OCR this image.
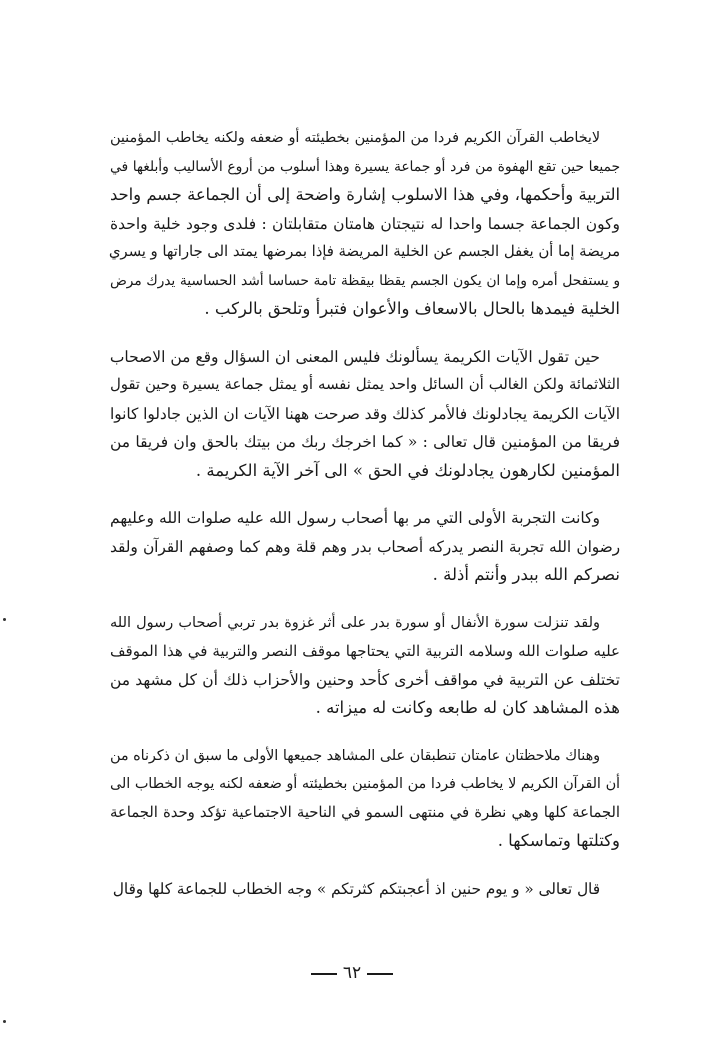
لايخاطب القرآن الكريم فردا من المؤمنين بخطيئته أو ضعفه ولكنه يخاطب المؤمنين
جميعا حين تقع الهفوة من فرد أو جماعة يسيرة وهذا أسلوب من أروع الأساليب وأبلغها في
التربية وأحكمها، وفي هذا الاسلوب إشارة واضحة إلى أن الجماعة جسم واحد
وكون الجماعة جسما واحدا له نتيجتان هامتان متقابلتان : فلدى وجود خلية واحدة
مريضة إما أن يغفل الجسم عن الخلية المريضة فإذا بمرضها يمتد الى جاراتها و يسري
و يستفحل أمره وإما ان يكون الجسم يقظا بيقظة تامة حساسا أشد الحساسية يدرك مرض
الخلية فيمدها بالحال بالاسعاف والأعوان فتبرأ وتلحق بالركب .
حين تقول الآيات الكريمة يسألونك فليس المعنى ان السؤال وقع من الاصحاب
الثلاثمائة ولكن الغالب أن السائل واحد يمثل نفسه أو يمثل جماعة يسيرة وحين تقول
الآيات الكريمة يجادلونك فالأمر كذلك وقد صرحت ههنا الآيات ان الذين جادلوا كانوا
فريقا من المؤمنين قال تعالى : « كما اخرجك ربك من بيتك بالحق وان فريقا من
المؤمنين لكارهون يجادلونك في الحق » الى آخر الآية الكريمة .
وكانت التجربة الأولى التي مر بها أصحاب رسول الله عليه صلوات الله وعليهم
رضوان الله تجربة النصر يدركه أصحاب بدر وهم قلة وهم كما وصفهم القرآن ولقد
نصركم الله ببدر وأنتم أذلة .
ولقد تنزلت سورة الأنفال أو سورة بدر على أثر غزوة بدر تربي أصحاب رسول الله
عليه صلوات الله وسلامه التربية التي يحتاجها موقف النصر والتربية في هذا الموقف
تختلف عن التربية في مواقف أخرى كأحد وحنين والأحزاب ذلك أن كل مشهد من
هذه المشاهد كان له طابعه وكانت له ميزاته .
وهناك ملاحظتان عامتان تنطبقان على المشاهد جميعها الأولى ما سبق ان ذكرناه من
أن القرآن الكريم لا يخاطب فردا من المؤمنين بخطيئته أو ضعفه لكنه يوجه الخطاب الى
الجماعة كلها وهي نظرة في منتهى السمو في الناحية الاجتماعية تؤكد وحدة الجماعة
وكتلتها وتماسكها .
قال تعالى « و يوم حنين اذ أعجبتكم كثرتكم » وجه الخطاب للجماعة كلها وقال
٦٢
